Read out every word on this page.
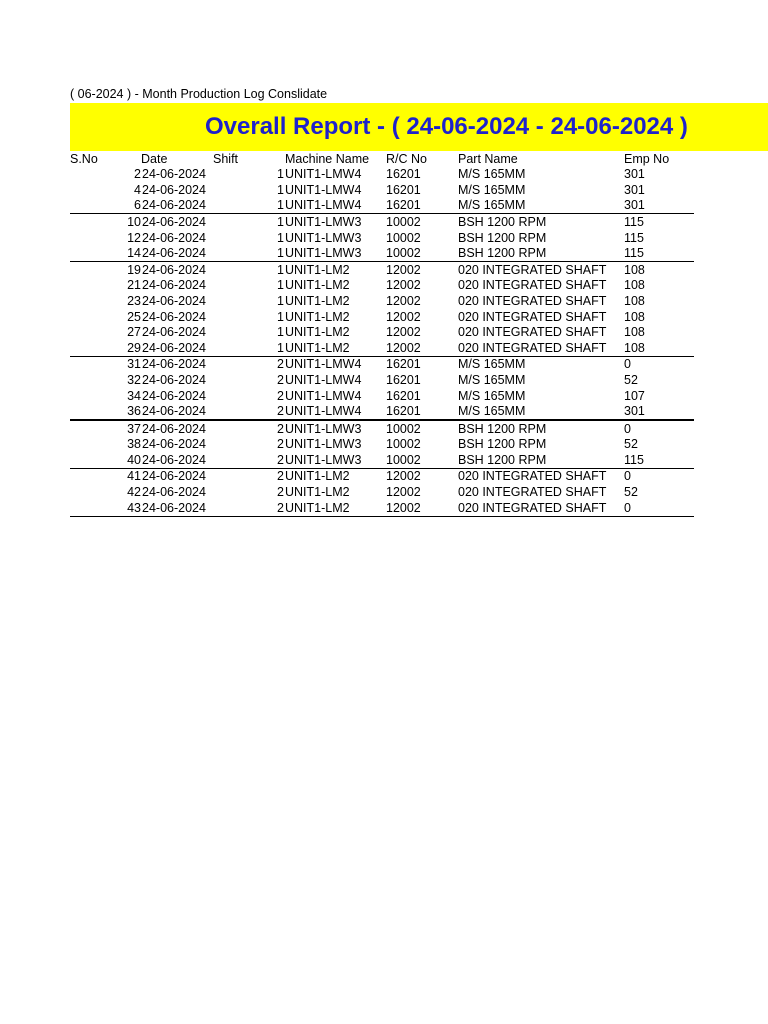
( 06-2024 ) - Month Production Log Conslidate
Overall Report - ( 24-06-2024 - 24-06-2024 )
S.No	Date	Shift	Machine Name	R/C No	Part Name	Emp No
2	24-06-2024	1	UNIT1-LMW4	16201	M/S 165MM	301
4	24-06-2024	1	UNIT1-LMW4	16201	M/S 165MM	301
6	24-06-2024	1	UNIT1-LMW4	16201	M/S 165MM	301
10	24-06-2024	1	UNIT1-LMW3	10002	BSH 1200 RPM	115
12	24-06-2024	1	UNIT1-LMW3	10002	BSH 1200 RPM	115
14	24-06-2024	1	UNIT1-LMW3	10002	BSH 1200 RPM	115
19	24-06-2024	1	UNIT1-LM2	12002	020 INTEGRATED SHAFT	108
21	24-06-2024	1	UNIT1-LM2	12002	020 INTEGRATED SHAFT	108
23	24-06-2024	1	UNIT1-LM2	12002	020 INTEGRATED SHAFT	108
25	24-06-2024	1	UNIT1-LM2	12002	020 INTEGRATED SHAFT	108
27	24-06-2024	1	UNIT1-LM2	12002	020 INTEGRATED SHAFT	108
29	24-06-2024	1	UNIT1-LM2	12002	020 INTEGRATED SHAFT	108
31	24-06-2024	2	UNIT1-LMW4	16201	M/S 165MM	0
32	24-06-2024	2	UNIT1-LMW4	16201	M/S 165MM	52
34	24-06-2024	2	UNIT1-LMW4	16201	M/S 165MM	107
36	24-06-2024	2	UNIT1-LMW4	16201	M/S 165MM	301
37	24-06-2024	2	UNIT1-LMW3	10002	BSH 1200 RPM	0
38	24-06-2024	2	UNIT1-LMW3	10002	BSH 1200 RPM	52
40	24-06-2024	2	UNIT1-LMW3	10002	BSH 1200 RPM	115
41	24-06-2024	2	UNIT1-LM2	12002	020 INTEGRATED SHAFT	0
42	24-06-2024	2	UNIT1-LM2	12002	020 INTEGRATED SHAFT	52
43	24-06-2024	2	UNIT1-LM2	12002	020 INTEGRATED SHAFT	0
